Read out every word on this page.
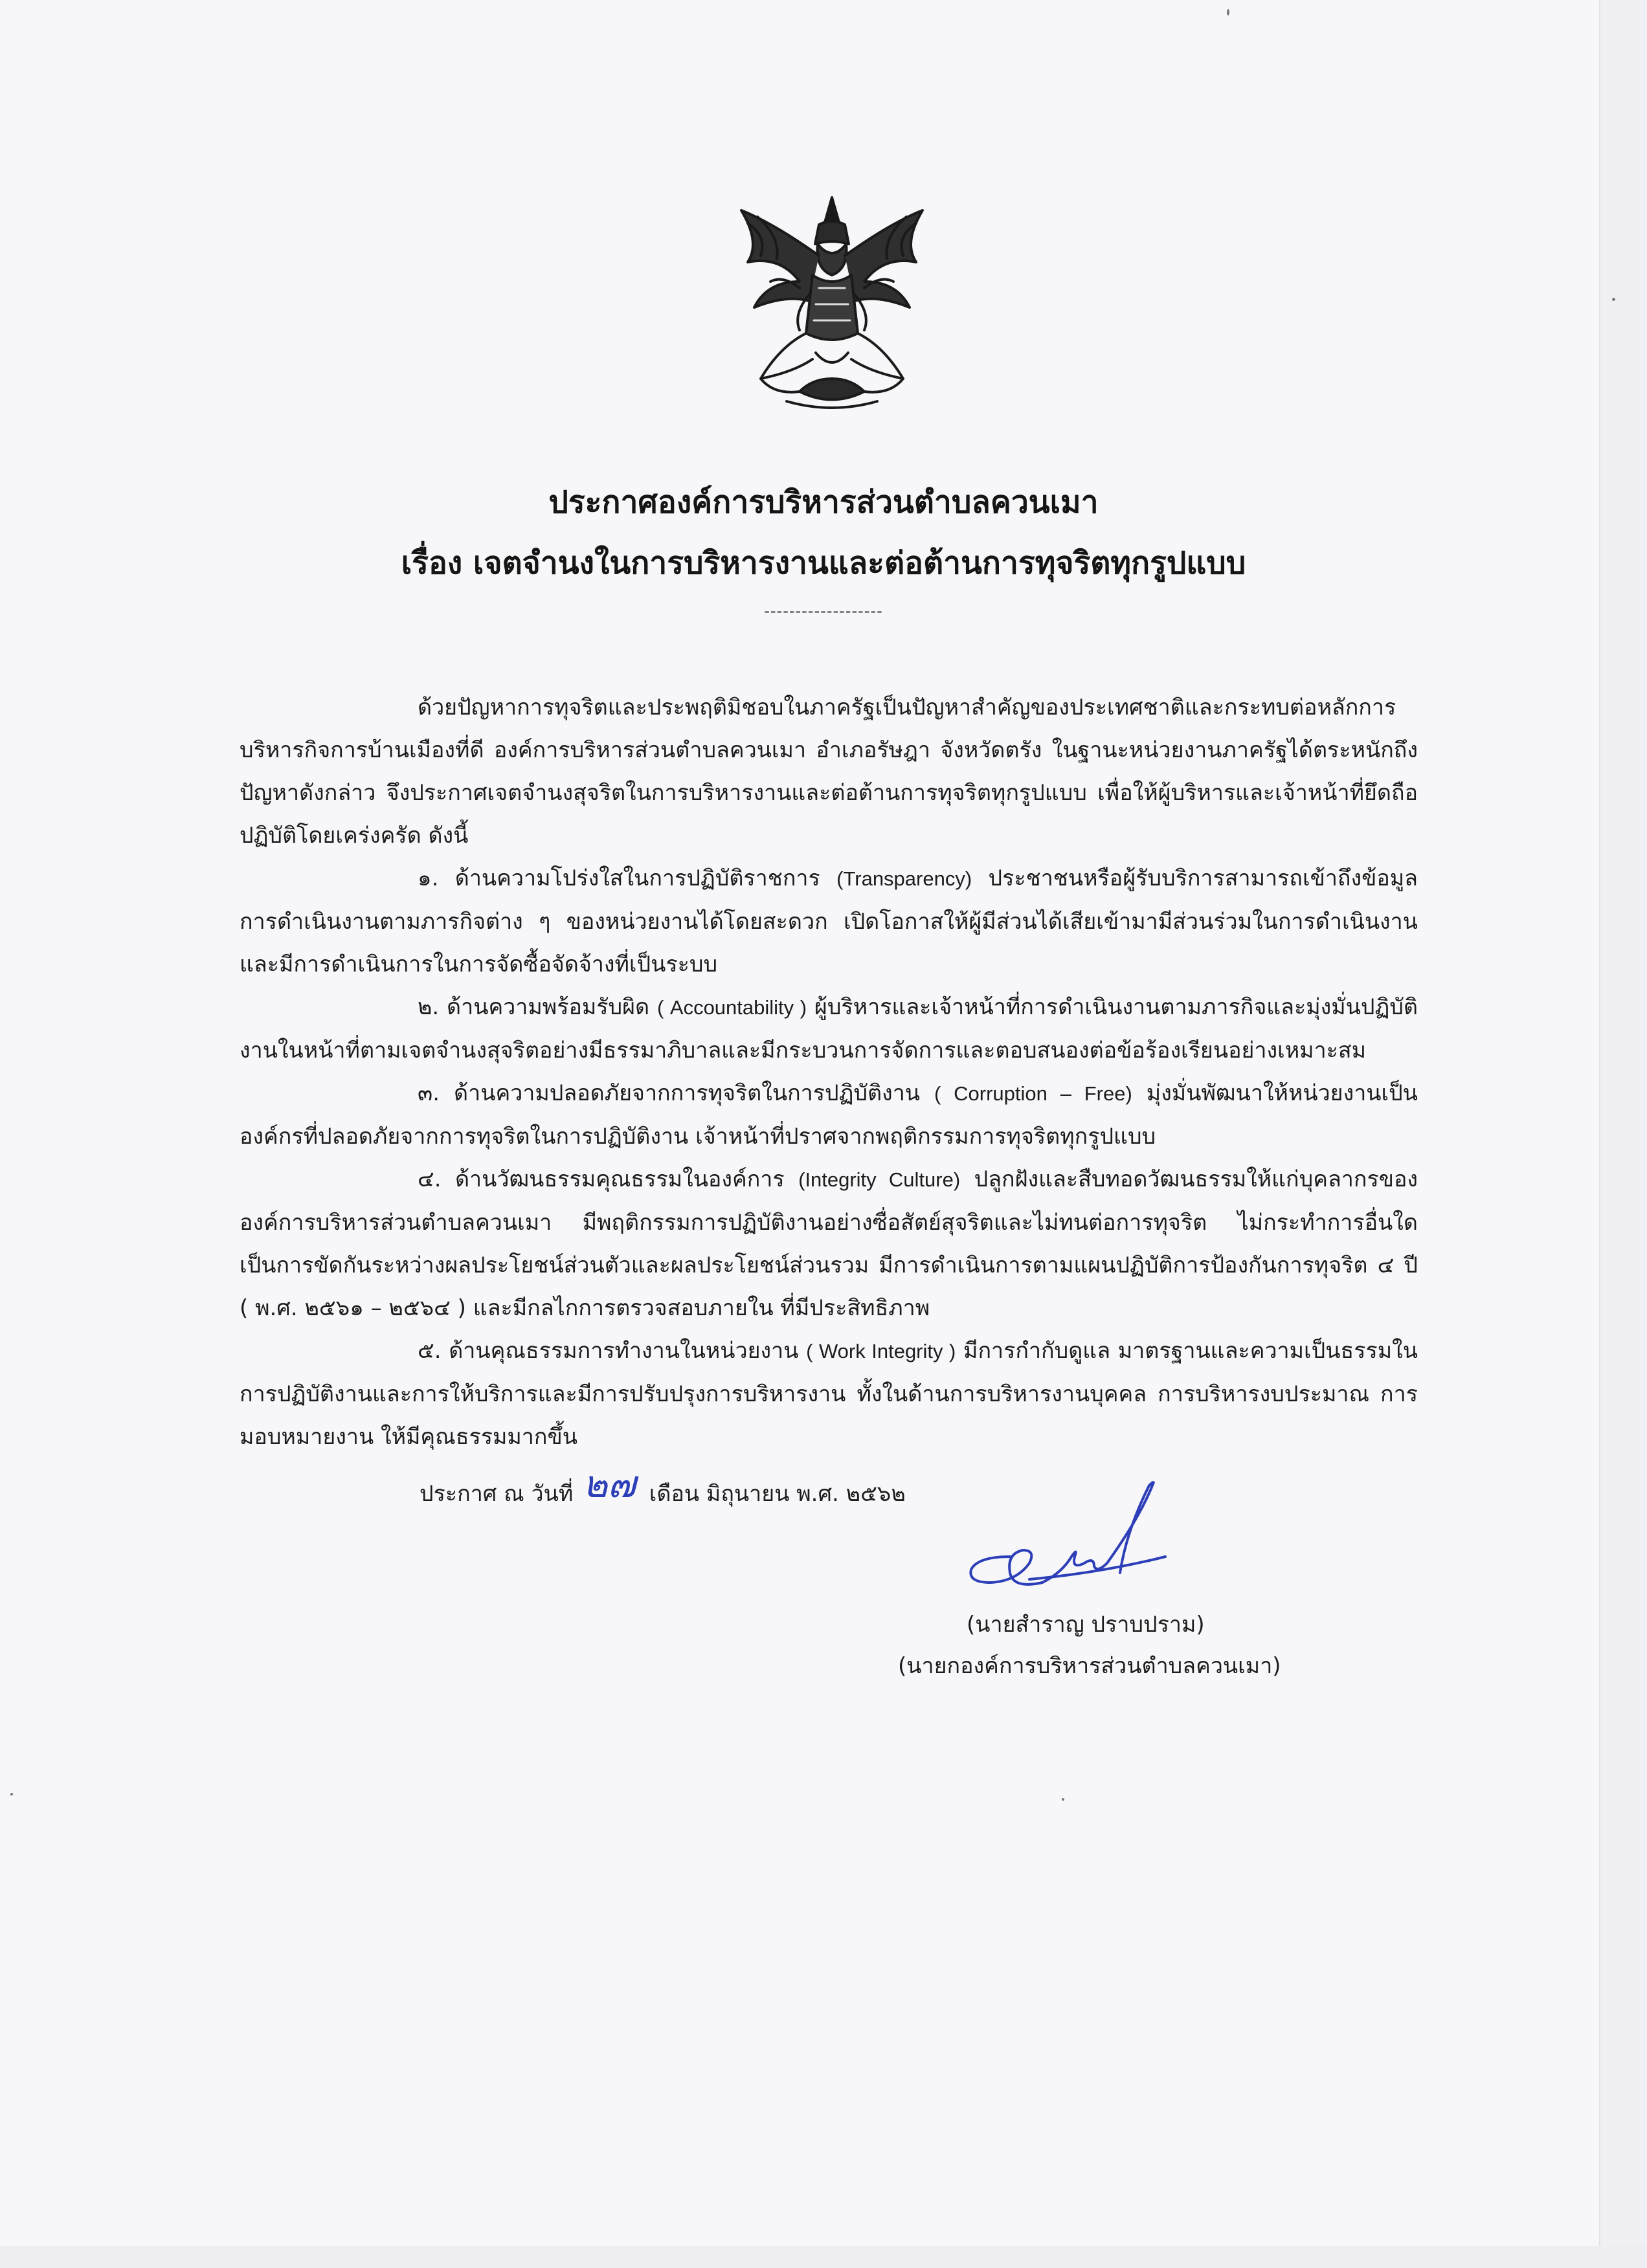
ประกาศองค์การบริหารส่วนตำบลควนเมา
เรื่อง เจตจำนงในการบริหารงานและต่อต้านการทุจริตทุกรูปแบบ
-------------------

ด้วยปัญหาการทุจริตและประพฤติมิชอบในภาครัฐเป็นปัญหาสำคัญของประเทศชาติและกระทบต่อหลักการบริหารกิจการบ้านเมืองที่ดี องค์การบริหารส่วนตำบลควนเมา อำเภอรัษฎา จังหวัดตรัง ในฐานะหน่วยงานภาครัฐได้ตระหนักถึงปัญหาดังกล่าว จึงประกาศเจตจำนงสุจริตในการบริหารงานและต่อต้านการทุจริตทุกรูปแบบ เพื่อให้ผู้บริหารและเจ้าหน้าที่ยึดถือปฏิบัติโดยเคร่งครัด ดังนี้

๑. ด้านความโปร่งใสในการปฏิบัติราชการ (Transparency) ประชาชนหรือผู้รับบริการสามารถเข้าถึงข้อมูลการดำเนินงานตามภารกิจต่าง ๆ ของหน่วยงานได้โดยสะดวก เปิดโอกาสให้ผู้มีส่วนได้เสียเข้ามามีส่วนร่วมในการดำเนินงานและมีการดำเนินการในการจัดซื้อจัดจ้างที่เป็นระบบ

๒. ด้านความพร้อมรับผิด ( Accountability ) ผู้บริหารและเจ้าหน้าที่การดำเนินงานตามภารกิจและมุ่งมั่นปฏิบัติงานในหน้าที่ตามเจตจำนงสุจริตอย่างมีธรรมาภิบาลและมีกระบวนการจัดการและตอบสนองต่อข้อร้องเรียนอย่างเหมาะสม

๓. ด้านความปลอดภัยจากการทุจริตในการปฏิบัติงาน ( Corruption – Free) มุ่งมั่นพัฒนาให้หน่วยงานเป็นองค์กรที่ปลอดภัยจากการทุจริตในการปฏิบัติงาน เจ้าหน้าที่ปราศจากพฤติกรรมการทุจริตทุกรูปแบบ

๔. ด้านวัฒนธรรมคุณธรรมในองค์การ (Integrity Culture) ปลูกฝังและสืบทอดวัฒนธรรมให้แก่บุคลากรขององค์การบริหารส่วนตำบลควนเมา มีพฤติกรรมการปฏิบัติงานอย่างซื่อสัตย์สุจริตและไม่ทนต่อการทุจริต ไม่กระทำการอื่นใดเป็นการขัดกันระหว่างผลประโยชน์ส่วนตัวและผลประโยชน์ส่วนรวม มีการดำเนินการตามแผนปฏิบัติการป้องกันการทุจริต ๔ ปี ( พ.ศ. ๒๕๖๑ – ๒๕๖๔ ) และมีกลไกการตรวจสอบภายใน ที่มีประสิทธิภาพ

๕. ด้านคุณธรรมการทำงานในหน่วยงาน ( Work Integrity ) มีการกำกับดูแล มาตรฐานและความเป็นธรรมในการปฏิบัติงานและการให้บริการและมีการปรับปรุงการบริหารงาน ทั้งในด้านการบริหารงานบุคคล การบริหารงบประมาณ การมอบหมายงาน ให้มีคุณธรรมมากขึ้น

ประกาศ ณ วันที่ ๒๗ เดือน มิถุนายน พ.ศ. ๒๕๖๒
(นายสำราญ ปราบปราม)
(นายกองค์การบริหารส่วนตำบลควนเมา)
